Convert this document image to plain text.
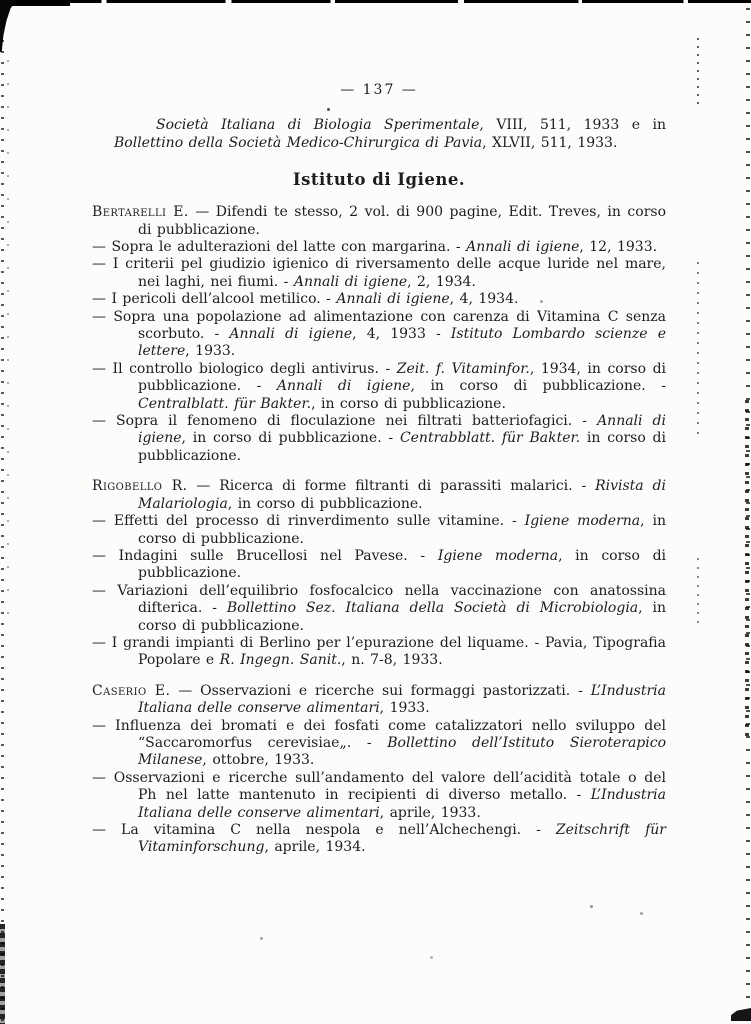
— 137 —

Società Italiana di Biologia Sperimentale, VIII, 511, 1933 e in Bollettino della Società Medico-Chirurgica di Pavia, XLVII, 511, 1933.

Istituto di Igiene.

Bertarelli E. — Difendi te stesso, 2 vol. di 900 pagine, Edit. Treves, in corso di pubblicazione.

— Sopra le adulterazioni del latte con margarina. - Annali di igiene, 12, 1933.

— I criterii pel giudizio igienico di riversamento delle acque luride nel mare, nei laghi, nei fiumi. - Annali di igiene, 2, 1934.

— I pericoli dell’alcool metilico. - Annali di igiene, 4, 1934.

— Sopra una popolazione ad alimentazione con carenza di Vitamina C senza scorbuto. - Annali di igiene, 4, 1933 - Istituto Lombardo scienze e lettere, 1933.

— Il controllo biologico degli antivirus. - Zeit. f. Vitaminfor., 1934, in corso di pubblicazione. - Annali di igiene, in corso di pubblicazione. - Centralblatt. für Bakter., in corso di pubblicazione.

— Sopra il fenomeno di floculazione nei filtrati batteriofagici. - Annali di igiene, in corso di pubblicazione. - Centrabblatt. für Bakter. in corso di pubblicazione.

Rigobello R. — Ricerca di forme filtranti di parassiti malarici. - Rivista di Malariologia, in corso di pubblicazione.

— Effetti del processo di rinverdimento sulle vitamine. - Igiene moderna, in corso di pubblicazione.

— Indagini sulle Brucellosi nel Pavese. - Igiene moderna, in corso di pubblicazione.

— Variazioni dell’equilibrio fosfocalcico nella vaccinazione con anatossina difterica. - Bollettino Sez. Italiana della Società di Microbiologia, in corso di pubblicazione.

— I grandi impianti di Berlino per l’epurazione del liquame. - Pavia, Tipografia Popolare e R. Ingegn. Sanit., n. 7-8, 1933.

Caserio E. — Osservazioni e ricerche sui formaggi pastorizzati. - L’Industria Italiana delle conserve alimentari, 1933.

— Influenza dei bromati e dei fosfati come catalizzatori nello sviluppo del “Saccaromorfus cerevisiae„. - Bollettino dell’Istituto Sieroterapico Milanese, ottobre, 1933.

— Osservazioni e ricerche sull’andamento del valore dell’acidità totale o del Ph nel latte mantenuto in recipienti di diverso metallo. - L’Industria Italiana delle conserve alimentari, aprile, 1933.

— La vitamina C nella nespola e nell’Alchechengi. - Zeitschrift für Vitaminforschung, aprile, 1934.
